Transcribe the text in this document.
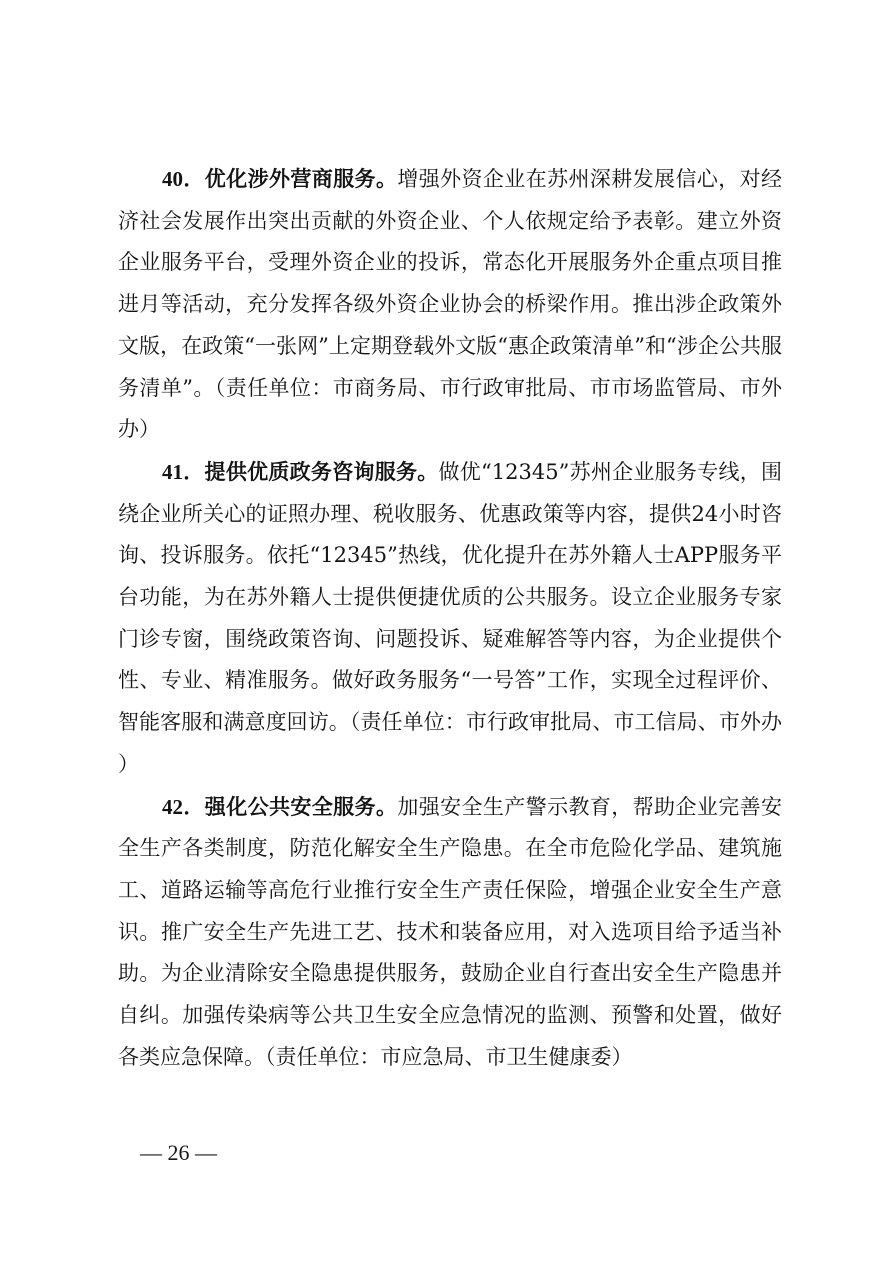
40．优化涉外营商服务。增强外资企业在苏州深耕发展信心，对经济社会发展作出突出贡献的外资企业、个人依规定给予表彰。建立外资企业服务平台，受理外资企业的投诉，常态化开展服务外企重点项目推进月等活动，充分发挥各级外资企业协会的桥梁作用。推出涉企政策外文版，在政策“一张网”上定期登载外文版“惠企政策清单”和“涉企公共服务清单”。（责任单位：市商务局、市行政审批局、市市场监管局、市外办）

41．提供优质政务咨询服务。做优“12345”苏州企业服务专线，围绕企业所关心的证照办理、税收服务、优惠政策等内容，提供24小时咨询、投诉服务。依托“12345”热线，优化提升在苏外籍人士APP服务平台功能，为在苏外籍人士提供便捷优质的公共服务。设立企业服务专家门诊专窗，围绕政策咨询、问题投诉、疑难解答等内容，为企业提供个性、专业、精准服务。做好政务服务“一号答”工作，实现全过程评价、智能客服和满意度回访。（责任单位：市行政审批局、市工信局、市外办）

42．强化公共安全服务。加强安全生产警示教育，帮助企业完善安全生产各类制度，防范化解安全生产隐患。在全市危险化学品、建筑施工、道路运输等高危行业推行安全生产责任保险，增强企业安全生产意识。推广安全生产先进工艺、技术和装备应用，对入选项目给予适当补助。为企业清除安全隐患提供服务，鼓励企业自行查出安全生产隐患并自纠。加强传染病等公共卫生安全应急情况的监测、预警和处置，做好各类应急保障。（责任单位：市应急局、市卫生健康委）

— 26 —
